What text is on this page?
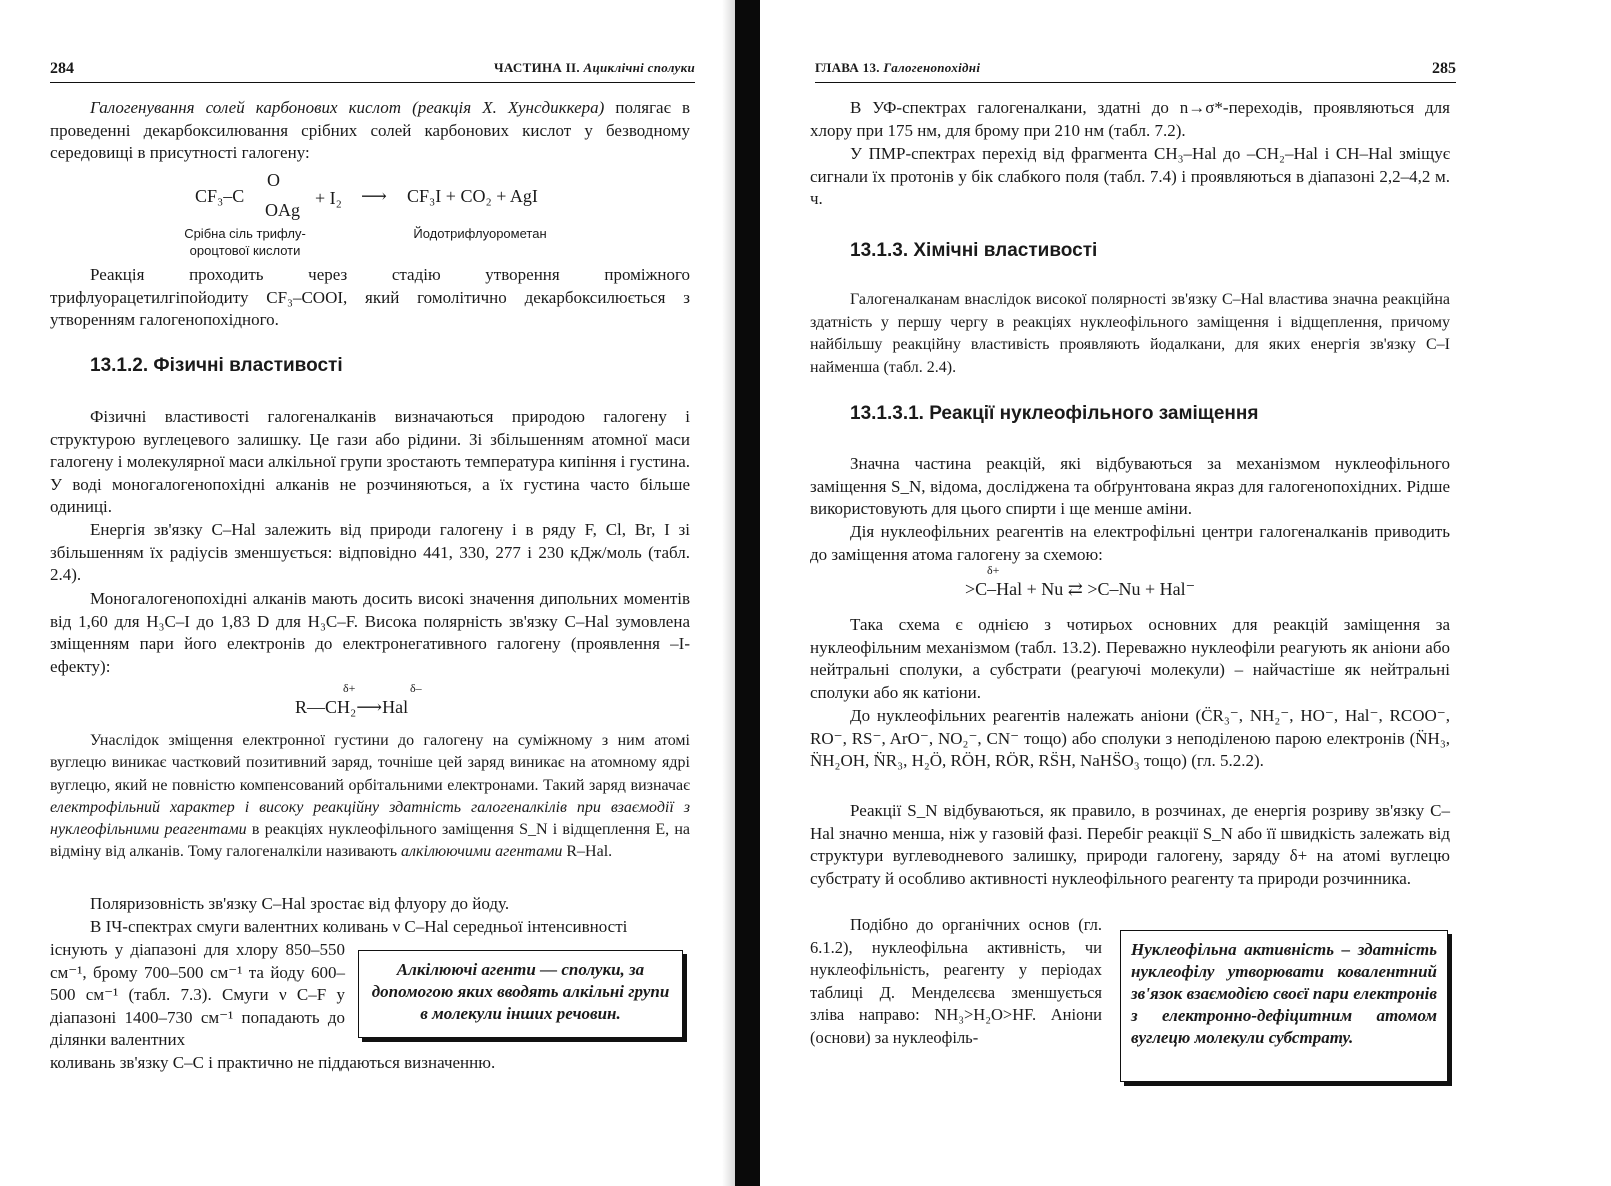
284	ЧАСТИНА ІІ. Ациклічні сполуки

Галогенування солей карбонових кислот (реакція Х. Хунсдиккера) полягає в проведенні декарбоксилювання срібних солей карбонових кислот у безводному середовищі в присутності галогену:

CF₃–C
O
OAg
+ I₂ ⟶ CF₃I + CO₂ + AgI
Срібна сіль трифлу-ороцтової кислоти
Йодотрифлуорометан

Реакція проходить через стадію утворення проміжного трифлуорацетилгіпойодиту CF₃–COOI, який гомолітично декарбоксилюється з утворенням галогенопохідного.

13.1.2. Фізичні властивості

Фізичні властивості галогеналканів визначаються природою галогену і структурою вуглецевого залишку. Це гази або рідини. Зі збільшенням атомної маси галогену і молекулярної маси алкільної групи зростають температура кипіння і густина. У воді моногалогенопохідні алканів не розчиняються, а їх густина часто більше одиниці.

Енергія зв'язку C–Hal залежить від природи галогену і в ряду F, Cl, Br, I зі збільшенням їх радіусів зменшується: відповідно 441, 330, 277 і 230 кДж/моль (табл. 2.4).

Моногалогенопохідні алканів мають досить високі значення дипольних моментів від 1,60 для H₃C–I до 1,83 D для H₃C–F. Висока полярність зв'язку C–Hal зумовлена зміщенням пари його електронів до електронегативного галогену (проявлення –I-ефекту):

δ+	δ–
R—CH₂⟶Hal

Унаслідок зміщення електронної густини до галогену на суміжному з ним атомі вуглецю виникає частковий позитивний заряд, точніше цей заряд виникає на атомному ядрі вуглецю, який не повністю компенсований орбітальними електронами. Такий заряд визначає електрофільний характер і високу реакційну здатність галогеналкілів при взаємодії з нуклеофільними реагентами в реакціях нуклеофільного заміщення S_N і відщеплення E, на відміну від алканів. Тому галогеналкіли називають алкілюючими агентами R–Hal.

Поляризовність зв'язку C–Hal зростає від флуору до йоду.

В ІЧ-спектрах смуги валентних коливань ν C–Hal середньої інтенсивності

існують у діапазоні для хлору 850–550 см⁻¹, брому 700–500 см⁻¹ та йоду 600–500 см⁻¹ (табл. 7.3). Смуги ν C–F у діапазоні 1400–730 см⁻¹ попадають до ділянки валентних

коливань зв'язку C–C і практично не піддаються визначенню.

Алкілюючі агенти — сполуки, за допомогою яких вводять алкільні групи в молекули інших речовин.
ГЛАВА 13. Галогенопохідні	285

В УФ-спектрах галогеналкани, здатні до n→σ*-переходів, проявляються для хлору при 175 нм, для брому при 210 нм (табл. 7.2).

У ПМР-спектрах перехід від фрагмента CH₃–Hal до –CH₂–Hal і CH–Hal зміщує сигнали їх протонів у бік слабкого поля (табл. 7.4) і проявляються в діапазоні 2,2–4,2 м. ч.

13.1.3. Хімічні властивості

Галогеналканам внаслідок високої полярності зв'язку C–Hal властива значна реакційна здатність у першу чергу в реакціях нуклеофільного заміщення і відщеплення, причому найбільшу реакційну властивість проявляють йодалкани, для яких енергія зв'язку C–I найменша (табл. 2.4).

13.1.3.1. Реакції нуклеофільного заміщення

Значна частина реакцій, які відбуваються за механізмом нуклеофільного заміщення S_N, відома, досліджена та обґрунтована якраз для галогенопохідних. Рідше використовують для цього спирти і ще менше аміни.

Дія нуклеофільних реагентів на електрофільні центри галогеналканів приводить до заміщення атома галогену за схемою:

δ+
>C–Hal + Nu ⇄ >C–Nu + Hal⁻

Така схема є однією з чотирьох основних для реакцій заміщення за нуклеофільним механізмом (табл. 13.2). Переважно нуклеофіли реагують як аніони або нейтральні сполуки, а субстрати (реагуючі молекули) – найчастіше як нейтральні сполуки або як катіони.

До нуклеофільних реагентів належать аніони (C̈R₃⁻, NH₂⁻, HO⁻, Hal⁻, RCOO⁻, RO⁻, RS⁻, ArO⁻, NO₂⁻, CN⁻ тощо) або сполуки з неподіленою парою електронів (N̈H₃, N̈H₂OH, N̈R₃, H₂Ö, RÖH, RÖR, RS̈H, NaHS̈O₃ тощо) (гл. 5.2.2).

Реакції S_N відбуваються, як правило, в розчинах, де енергія розриву зв'язку C–Hal значно менша, ніж у газовій фазі. Перебіг реакції S_N або її швидкість залежать від структури вуглеводневого залишку, природи галогену, заряду δ+ на атомі вуглецю субстрату й особливо активності нуклеофільного реагенту та природи розчинника.

Подібно до органічних основ (гл. 6.1.2), нуклеофільна активність, чи нуклеофільність, реагенту у періодах таблиці Д. Менделєєва зменшується зліва направо: NH₃>H₂O>HF. Аніони (основи) за нуклеофіль-

Нуклеофільна активність – здатність нуклеофілу утворювати ковалентний зв'язок взаємодією своєї пари електронів з електронно-дефіцитним атомом вуглецю молекули субстрату.
